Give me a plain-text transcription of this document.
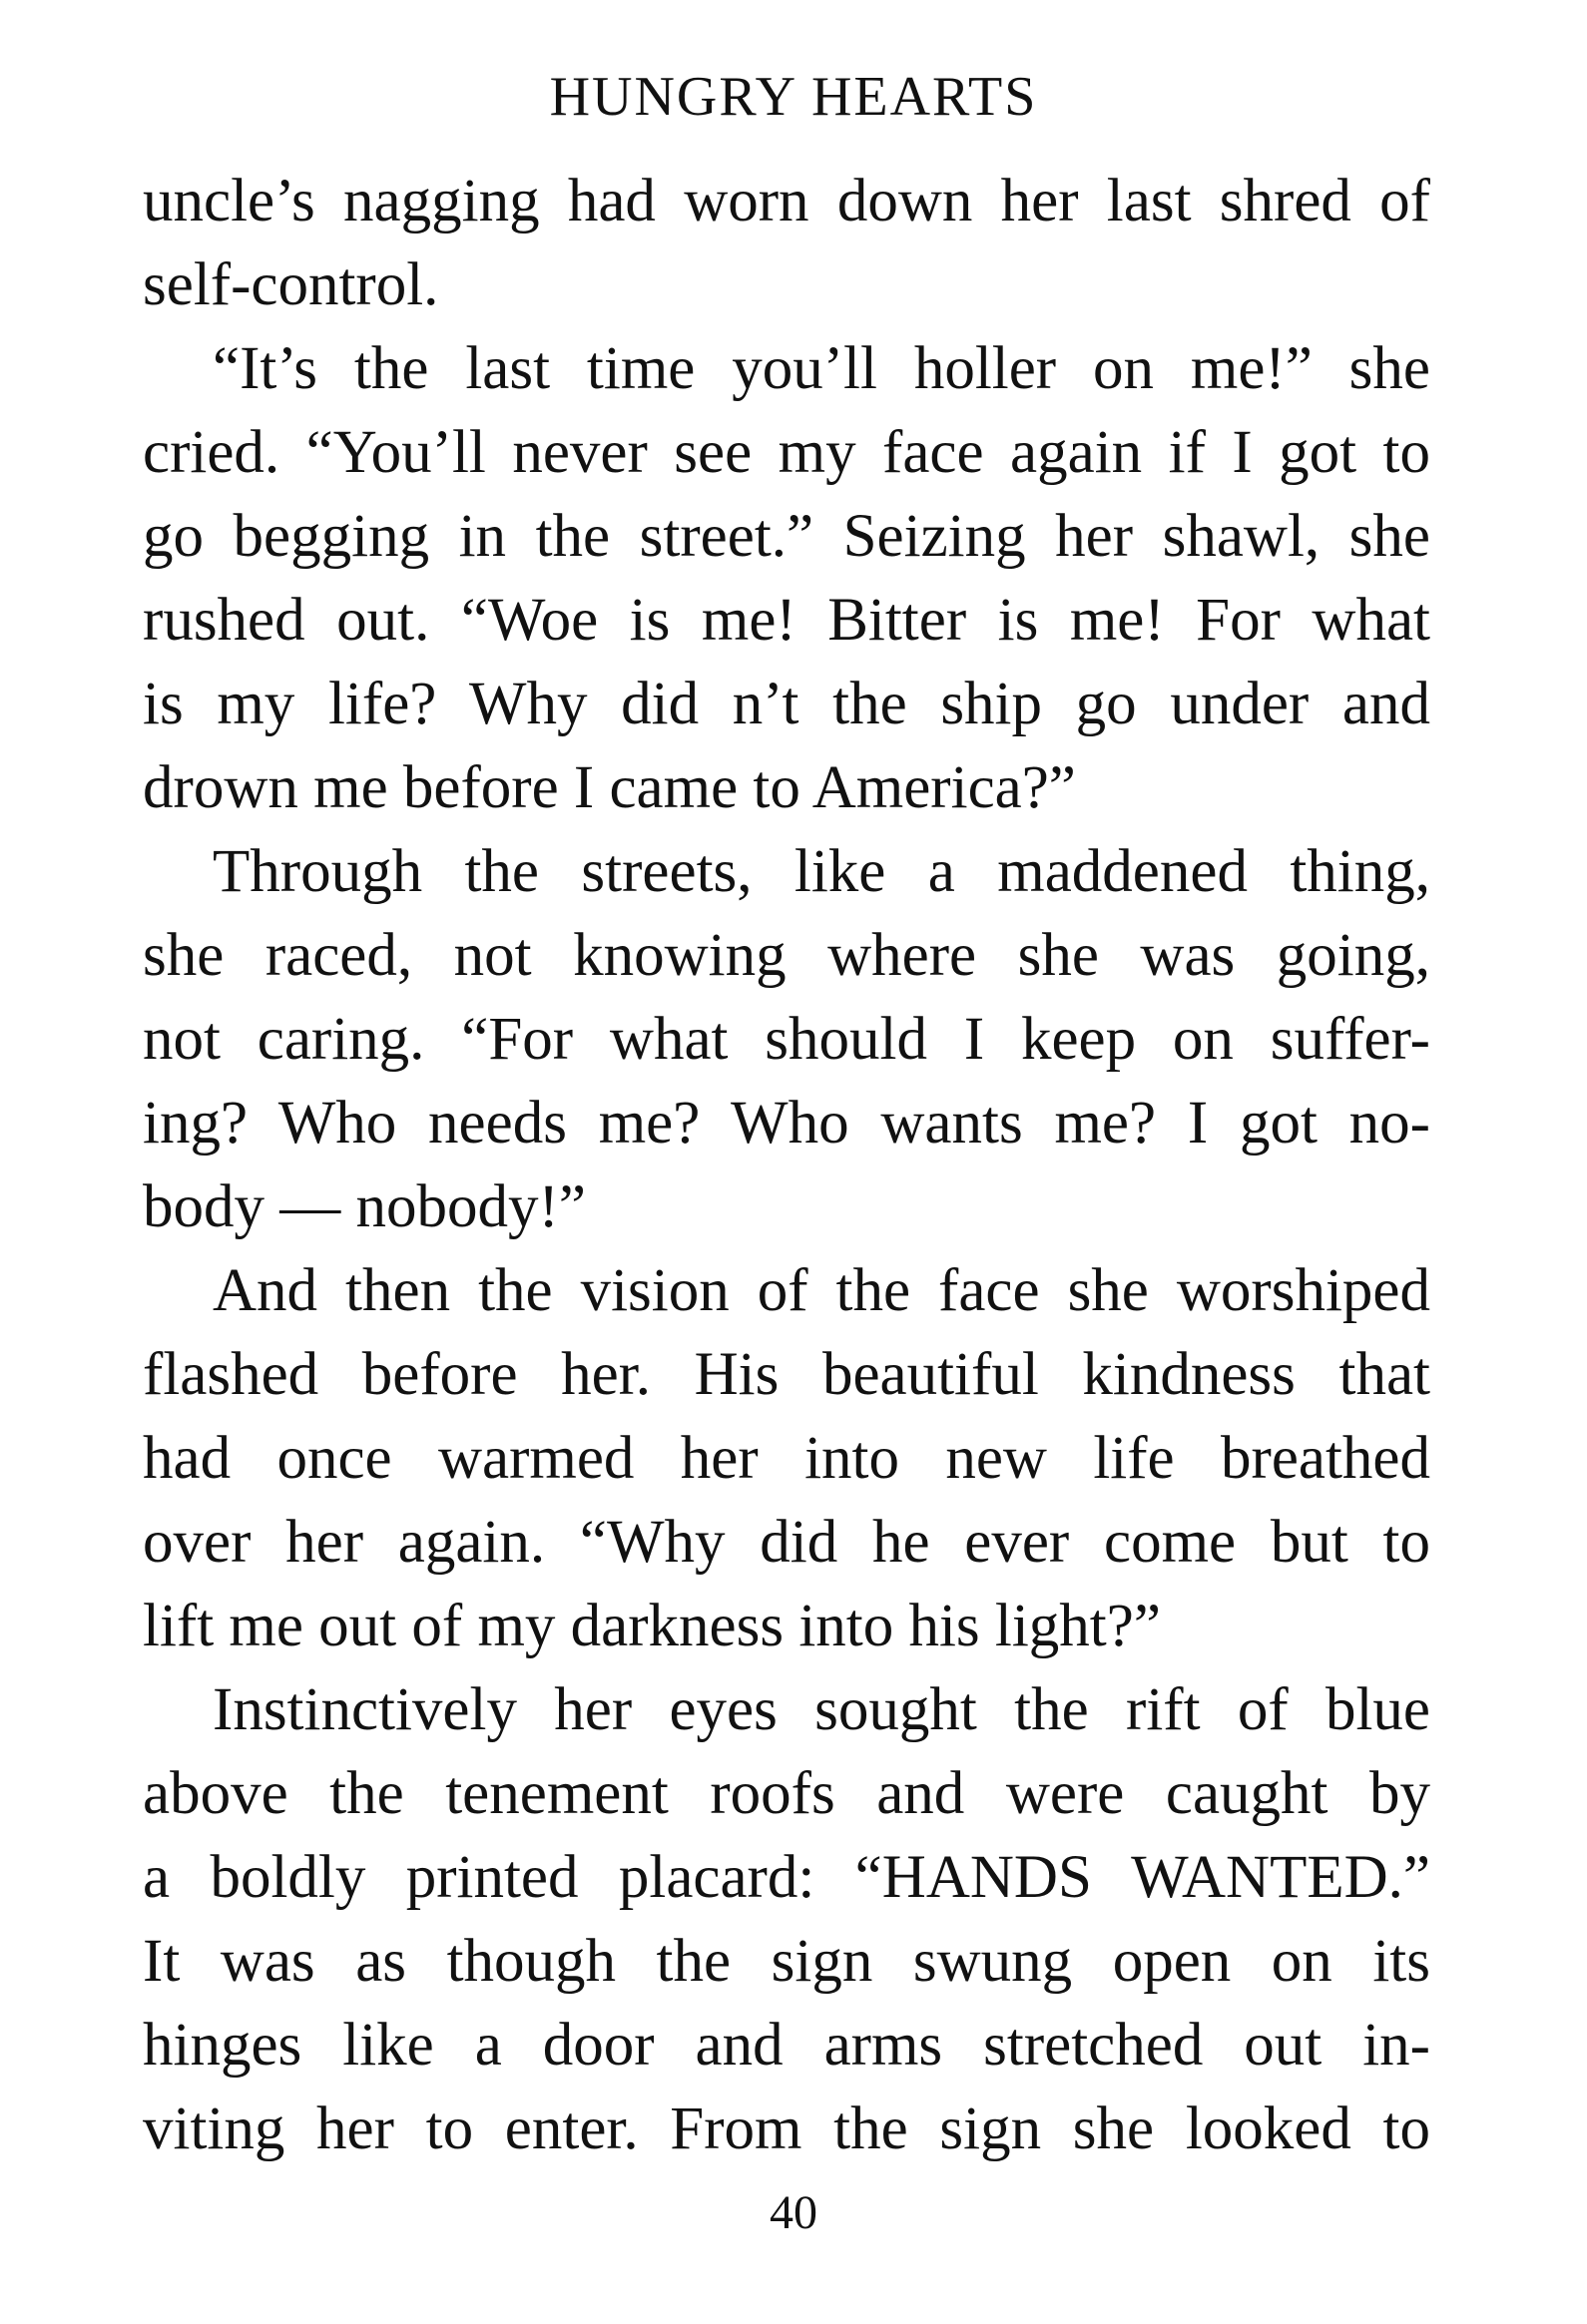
HUNGRY HEARTS
uncle’s nagging had worn down her last shred of
self-control.
“It’s the last time you’ll holler on me!” she
cried. “You’ll never see my face again if I got to
go begging in the street.” Seizing her shawl, she
rushed out. “Woe is me! Bitter is me! For what
is my life? Why did n’t the ship go under and
drown me before I came to America?”
Through the streets, like a maddened thing,
she raced, not knowing where she was going,
not caring. “For what should I keep on suffer-
ing? Who needs me? Who wants me? I got no-
body — nobody!”
And then the vision of the face she worshiped
flashed before her. His beautiful kindness that
had once warmed her into new life breathed
over her again. “Why did he ever come but to
lift me out of my darkness into his light?”
Instinctively her eyes sought the rift of blue
above the tenement roofs and were caught by
a boldly printed placard: “HANDS WANTED.”
It was as though the sign swung open on its
hinges like a door and arms stretched out in-
viting her to enter. From the sign she looked to
40
